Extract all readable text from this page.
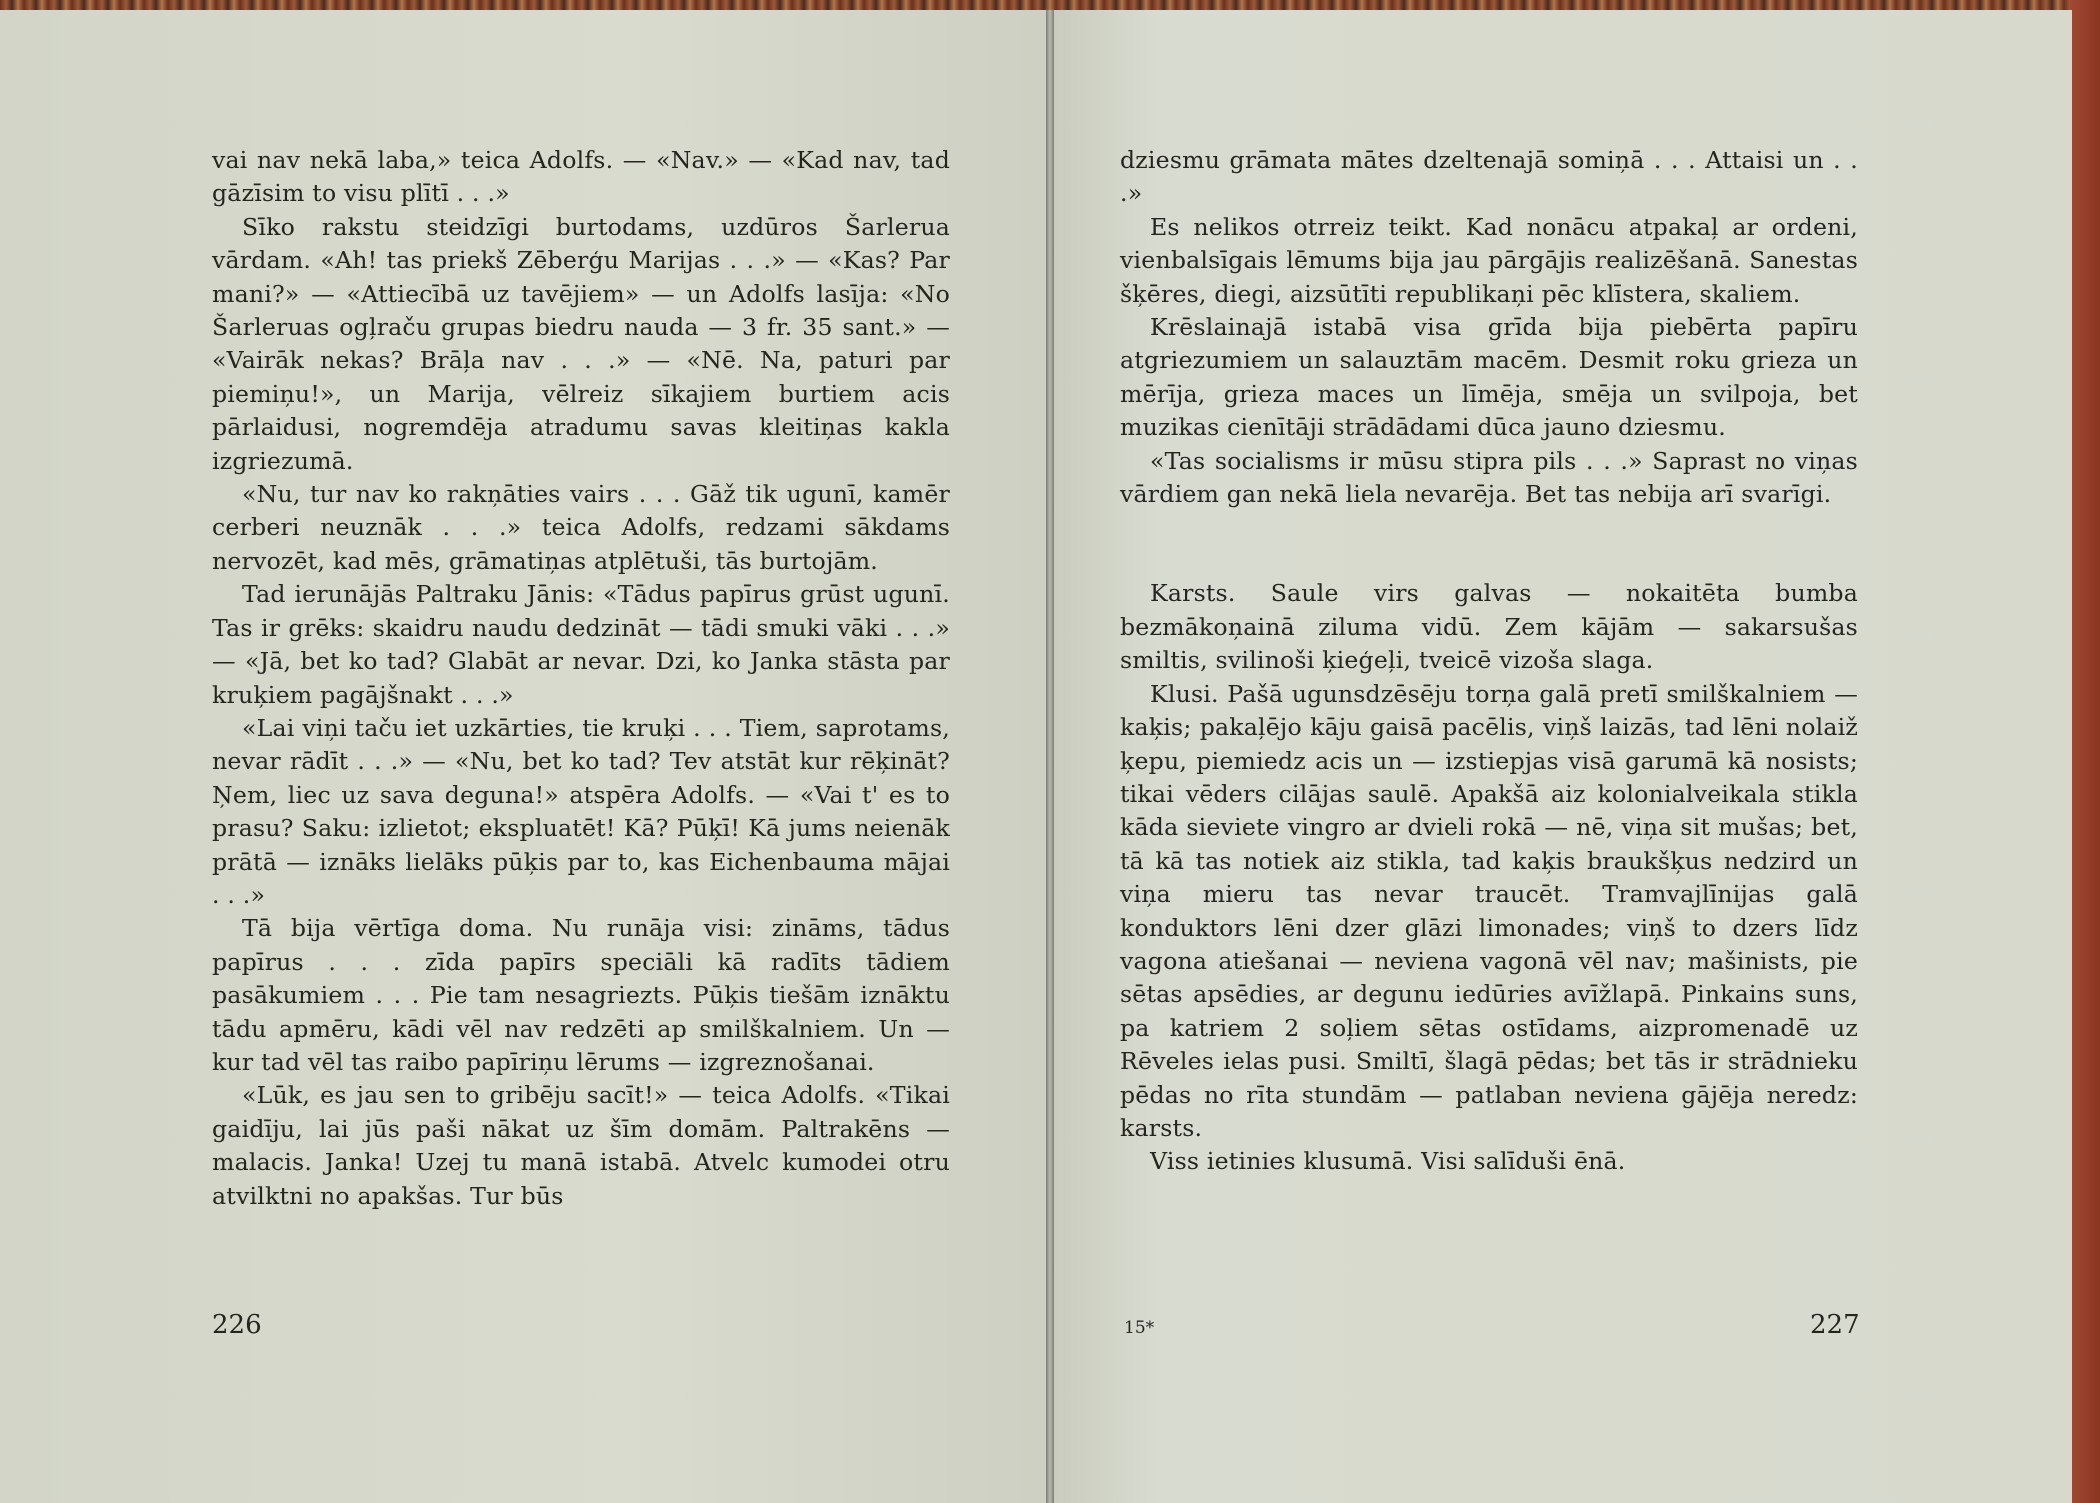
vai nav nekā laba,» teica Adolfs. — «Nav.» — «Kad nav, tad gāzīsim to visu plītī . . .»

Sīko rakstu steidzīgi burtodams, uzdūros Šarlerua vārdam. «Ah! tas priekš Zēberģu Marijas . . .» — «Kas? Par mani?» — «Attiecībā uz tavējiem» — un Adolfs lasīja: «No Šarleruas ogļraču grupas biedru nauda — 3 fr. 35 sant.» — «Vairāk nekas? Brāļa nav . . .» — «Nē. Na, paturi par piemiņu!», un Marija, vēlreiz sīkajiem burtiem acis pārlaidusi, nogremdēja atradumu savas kleitiņas kakla izgriezumā.

«Nu, tur nav ko rakņāties vairs . . . Gāž tik ugunī, kamēr cerberi neuznāk . . .» teica Adolfs, redzami sākdams nervozēt, kad mēs, grāmatiņas atplētuši, tās burtojām.

Tad ierunājās Paltraku Jānis: «Tādus papīrus grūst ugunī. Tas ir grēks: skaidru naudu dedzināt — tādi smuki vāki . . .» — «Jā, bet ko tad? Glabāt ar nevar. Dzi, ko Janka stāsta par kruķiem pagājšnakt . . .»

«Lai viņi taču iet uzkārties, tie kruķi . . . Tiem, saprotams, nevar rādīt . . .» — «Nu, bet ko tad? Tev atstāt kur rēķināt? Ņem, liec uz sava deguna!» atspēra Adolfs. — «Vai t' es to prasu? Saku: izlietot; ekspluatēt! Kā? Pūķī! Kā jums neienāk prātā — iznāks lielāks pūķis par to, kas Eichenbauma mājai . . .»

Tā bija vērtīga doma. Nu runāja visi: zināms, tādus papīrus . . . zīda papīrs speciāli kā radīts tādiem pasākumiem . . . Pie tam nesagriezts. Pūķis tiešām iznāktu tādu apmēru, kādi vēl nav redzēti ap smilškalniem. Un — kur tad vēl tas raibo papīriņu lērums — izgreznošanai.

«Lūk, es jau sen to gribēju sacīt!» — teica Adolfs. «Tikai gaidīju, lai jūs paši nākat uz šīm domām. Paltrakēns — malacis. Janka! Uzej tu manā istabā. Atvelc kumodei otru atvilktni no apakšas. Tur būs

dziesmu grāmata mātes dzeltenajā somiņā . . . Attaisi un . . .»

Es nelikos otrreiz teikt. Kad nonācu atpakaļ ar ordeni, vienbalsīgais lēmums bija jau pārgājis realizēšanā. Sanestas šķēres, diegi, aizsūtīti republikaņi pēc klīstera, skaliem.

Krēslainajā istabā visa grīda bija piebērta papīru atgriezumiem un salauztām macēm. Desmit roku grieza un mērīja, grieza maces un līmēja, smēja un svilpoja, bet muzikas cienītāji strādādami dūca jauno dziesmu.

«Tas socialisms ir mūsu stipra pils . . .» Saprast no viņas vārdiem gan nekā liela nevarēja. Bet tas nebija arī svarīgi.

Karsts. Saule virs galvas — nokaitēta bumba bezmākoņainā ziluma vidū. Zem kājām — sakarsušas smiltis, svilinoši ķieģeļi, tveicē vizoša slaga.

Klusi. Pašā ugunsdzēsēju torņa galā pretī smilškalniem — kaķis; pakaļējo kāju gaisā pacēlis, viņš laizās, tad lēni nolaiž ķepu, piemiedz acis un — izstiepjas visā garumā kā nosists; tikai vēders cilājas saulē. Apakšā aiz kolonialveikala stikla kāda sieviete vingro ar dvieli rokā — nē, viņa sit mušas; bet, tā kā tas notiek aiz stikla, tad kaķis braukšķus nedzird un viņa mieru tas nevar traucēt. Tramvajlīnijas galā konduktors lēni dzer glāzi limonades; viņš to dzers līdz vagona atiešanai — neviena vagonā vēl nav; mašinists, pie sētas apsēdies, ar degunu iedūries avīžlapā. Pinkains suns, pa katriem 2 soļiem sētas ostīdams, aizpromenadē uz Rēveles ielas pusi. Smiltī, šlagā pēdas; bet tās ir strādnieku pēdas no rīta stundām — patlaban neviena gājēja neredz: karsts.

Viss ietinies klusumā. Visi salīduši ēnā.

226	15*	227
